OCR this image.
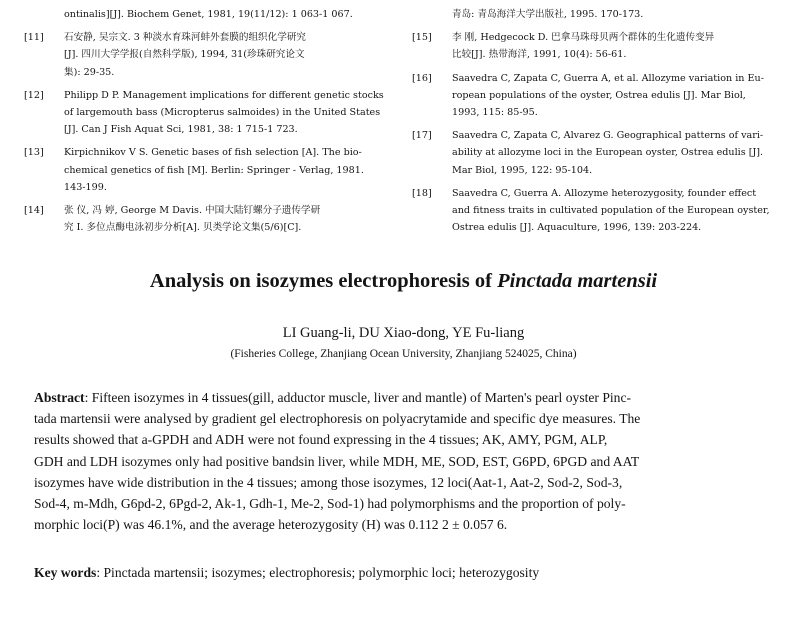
ontinalis][J]. Biochem Genet, 1981, 19(11/12): 1 063-1 067.
[11] 石安静, 吴宗文. 3 种淡水育珠河蚌外套膜的组织化学研究
[J]. 四川大学学报(自然科学版), 1994, 31(珍珠研究论文
集): 29-35.
[12] Philipp D P. Management implications for different genetic stocks
of largemouth bass (Micropterus salmoides) in the United States
[J]. Can J Fish Aquat Sci, 1981, 38: 1 715-1 723.
[13] Kirpichnikov V S. Genetic bases of fish selection [A]. The bio-
chemical genetics of fish [M]. Berlin: Springer - Verlag, 1981.
143-199.
[14] 张 仪, 冯 婷, George M Davis. 中国大陆钉螺分子遗传学研
究 I. 多位点酶电泳初步分析[A]. 贝类学论文集(5/6)[C].
青岛: 青岛海洋大学出版社, 1995. 170-173.
[15] 李 刚, Hedgecock D. 巴拿马珠母贝两个群体的生化遗传变异
比较[J]. 热带海洋, 1991, 10(4): 56-61.
[16] Saavedra C, Zapata C, Guerra A, et al. Allozyme variation in Eu-
ropean populations of the oyster, Ostrea edulis [J]. Mar Biol,
1993, 115: 85-95.
[17] Saavedra C, Zapata C, Alvarez G. Geographical patterns of vari-
ability at allozyme loci in the European oyster, Ostrea edulis [J].
Mar Biol, 1995, 122: 95-104.
[18] Saavedra C, Guerra A. Allozyme heterozygosity, founder effect
and fitness traits in cultivated population of the European oyster,
Ostrea edulis [J]. Aquaculture, 1996, 139: 203-224.
Analysis on isozymes electrophoresis of Pinctada martensii

LI Guang-li, DU Xiao-dong, YE Fu-liang

(Fisheries College, Zhanjiang Ocean University, Zhanjiang 524025, China)

Abstract: Fifteen isozymes in 4 tissues(gill, adductor muscle, liver and mantle) of Marten's pearl oyster Pinc-
tada martensii were analysed by gradient gel electrophoresis on polyacrytamide and specific dye measures. The
results showed that a-GPDH and ADH were not found expressing in the 4 tissues; AK, AMY, PGM, ALP,
GDH and LDH isozymes only had positive bandsin liver, while MDH, ME, SOD, EST, G6PD, 6PGD and AAT
isozymes have wide distribution in the 4 tissues; among those isozymes, 12 loci(Aat-1, Aat-2, Sod-2, Sod-3,
Sod-4, m-Mdh, G6pd-2, 6Pgd-2, Ak-1, Gdh-1, Me-2, Sod-1) had polymorphisms and the proportion of poly-
morphic loci(P) was 46.1%, and the average heterozygosity (H) was 0.112 2 ± 0.057 6.
Key words: Pinctada martensii; isozymes; electrophoresis; polymorphic loci; heterozygosity
